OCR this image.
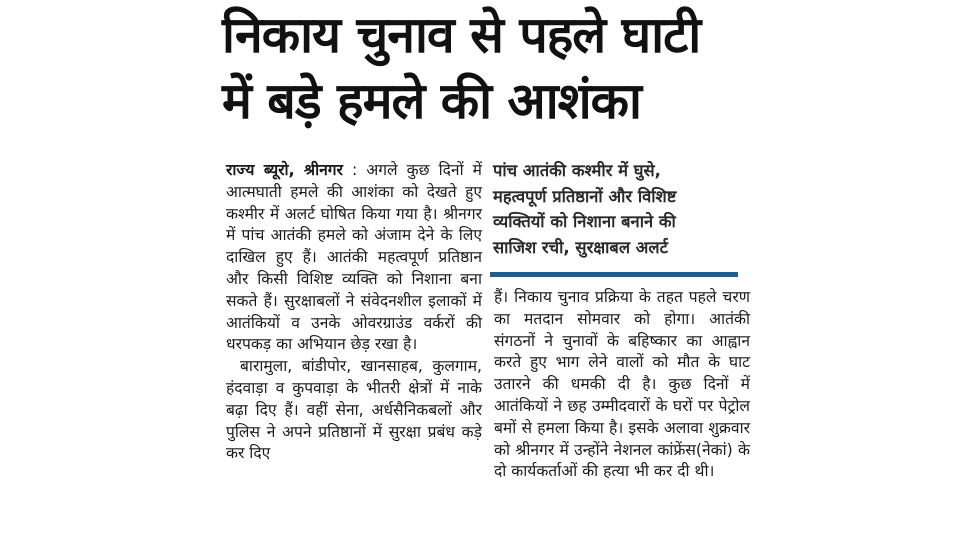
निकाय चुनाव से पहले घाटी
में बड़े हमले की आशंका

राज्य ब्यूरो, श्रीनगर : अगले कुछ दिनों में आत्मघाती हमले की आशंका को देखते हुए कश्मीर में अलर्ट घोषित किया गया है। श्रीनगर में पांच आतंकी हमले को अंजाम देने के लिए दाखिल हुए हैं। आतंकी महत्वपूर्ण प्रतिष्ठान और किसी विशिष्ट व्यक्ति को निशाना बना सकते हैं। सुरक्षाबलों ने संवेदनशील इलाकों में आतंकियों व उनके ओवरग्राउंड वर्करों की धरपकड़ का अभियान छेड़ रखा है।

बारामुला, बांडीपोर, खानसाहब, कुलगाम, हंदवाड़ा व कुपवाड़ा के भीतरी क्षेत्रों में नाके बढ़ा दिए हैं। वहीं सेना, अर्धसैनिकबलों और पुलिस ने अपने प्रतिष्ठानों में सुरक्षा प्रबंध कड़े कर दिए

पांच आतंकी कश्मीर में घुसे,
महत्वपूर्ण प्रतिष्ठानों और विशिष्ट
व्यक्तियों को निशाना बनाने की
साजिश रची, सुरक्षाबल अलर्ट

हैं। निकाय चुनाव प्रक्रिया के तहत पहले चरण का मतदान सोमवार को होगा। आतंकी संगठनों ने चुनावों के बहिष्कार का आह्वान करते हुए भाग लेने वालों को मौत के घाट उतारने की धमकी दी है। कुछ दिनों में आतंकियों ने छह उम्मीदवारों के घरों पर पेट्रोल बमों से हमला किया है। इसके अलावा शुक्रवार को श्रीनगर में उन्होंने नेशनल कांफ्रेंस(नेकां) के दो कार्यकर्ताओं की हत्या भी कर दी थी।
